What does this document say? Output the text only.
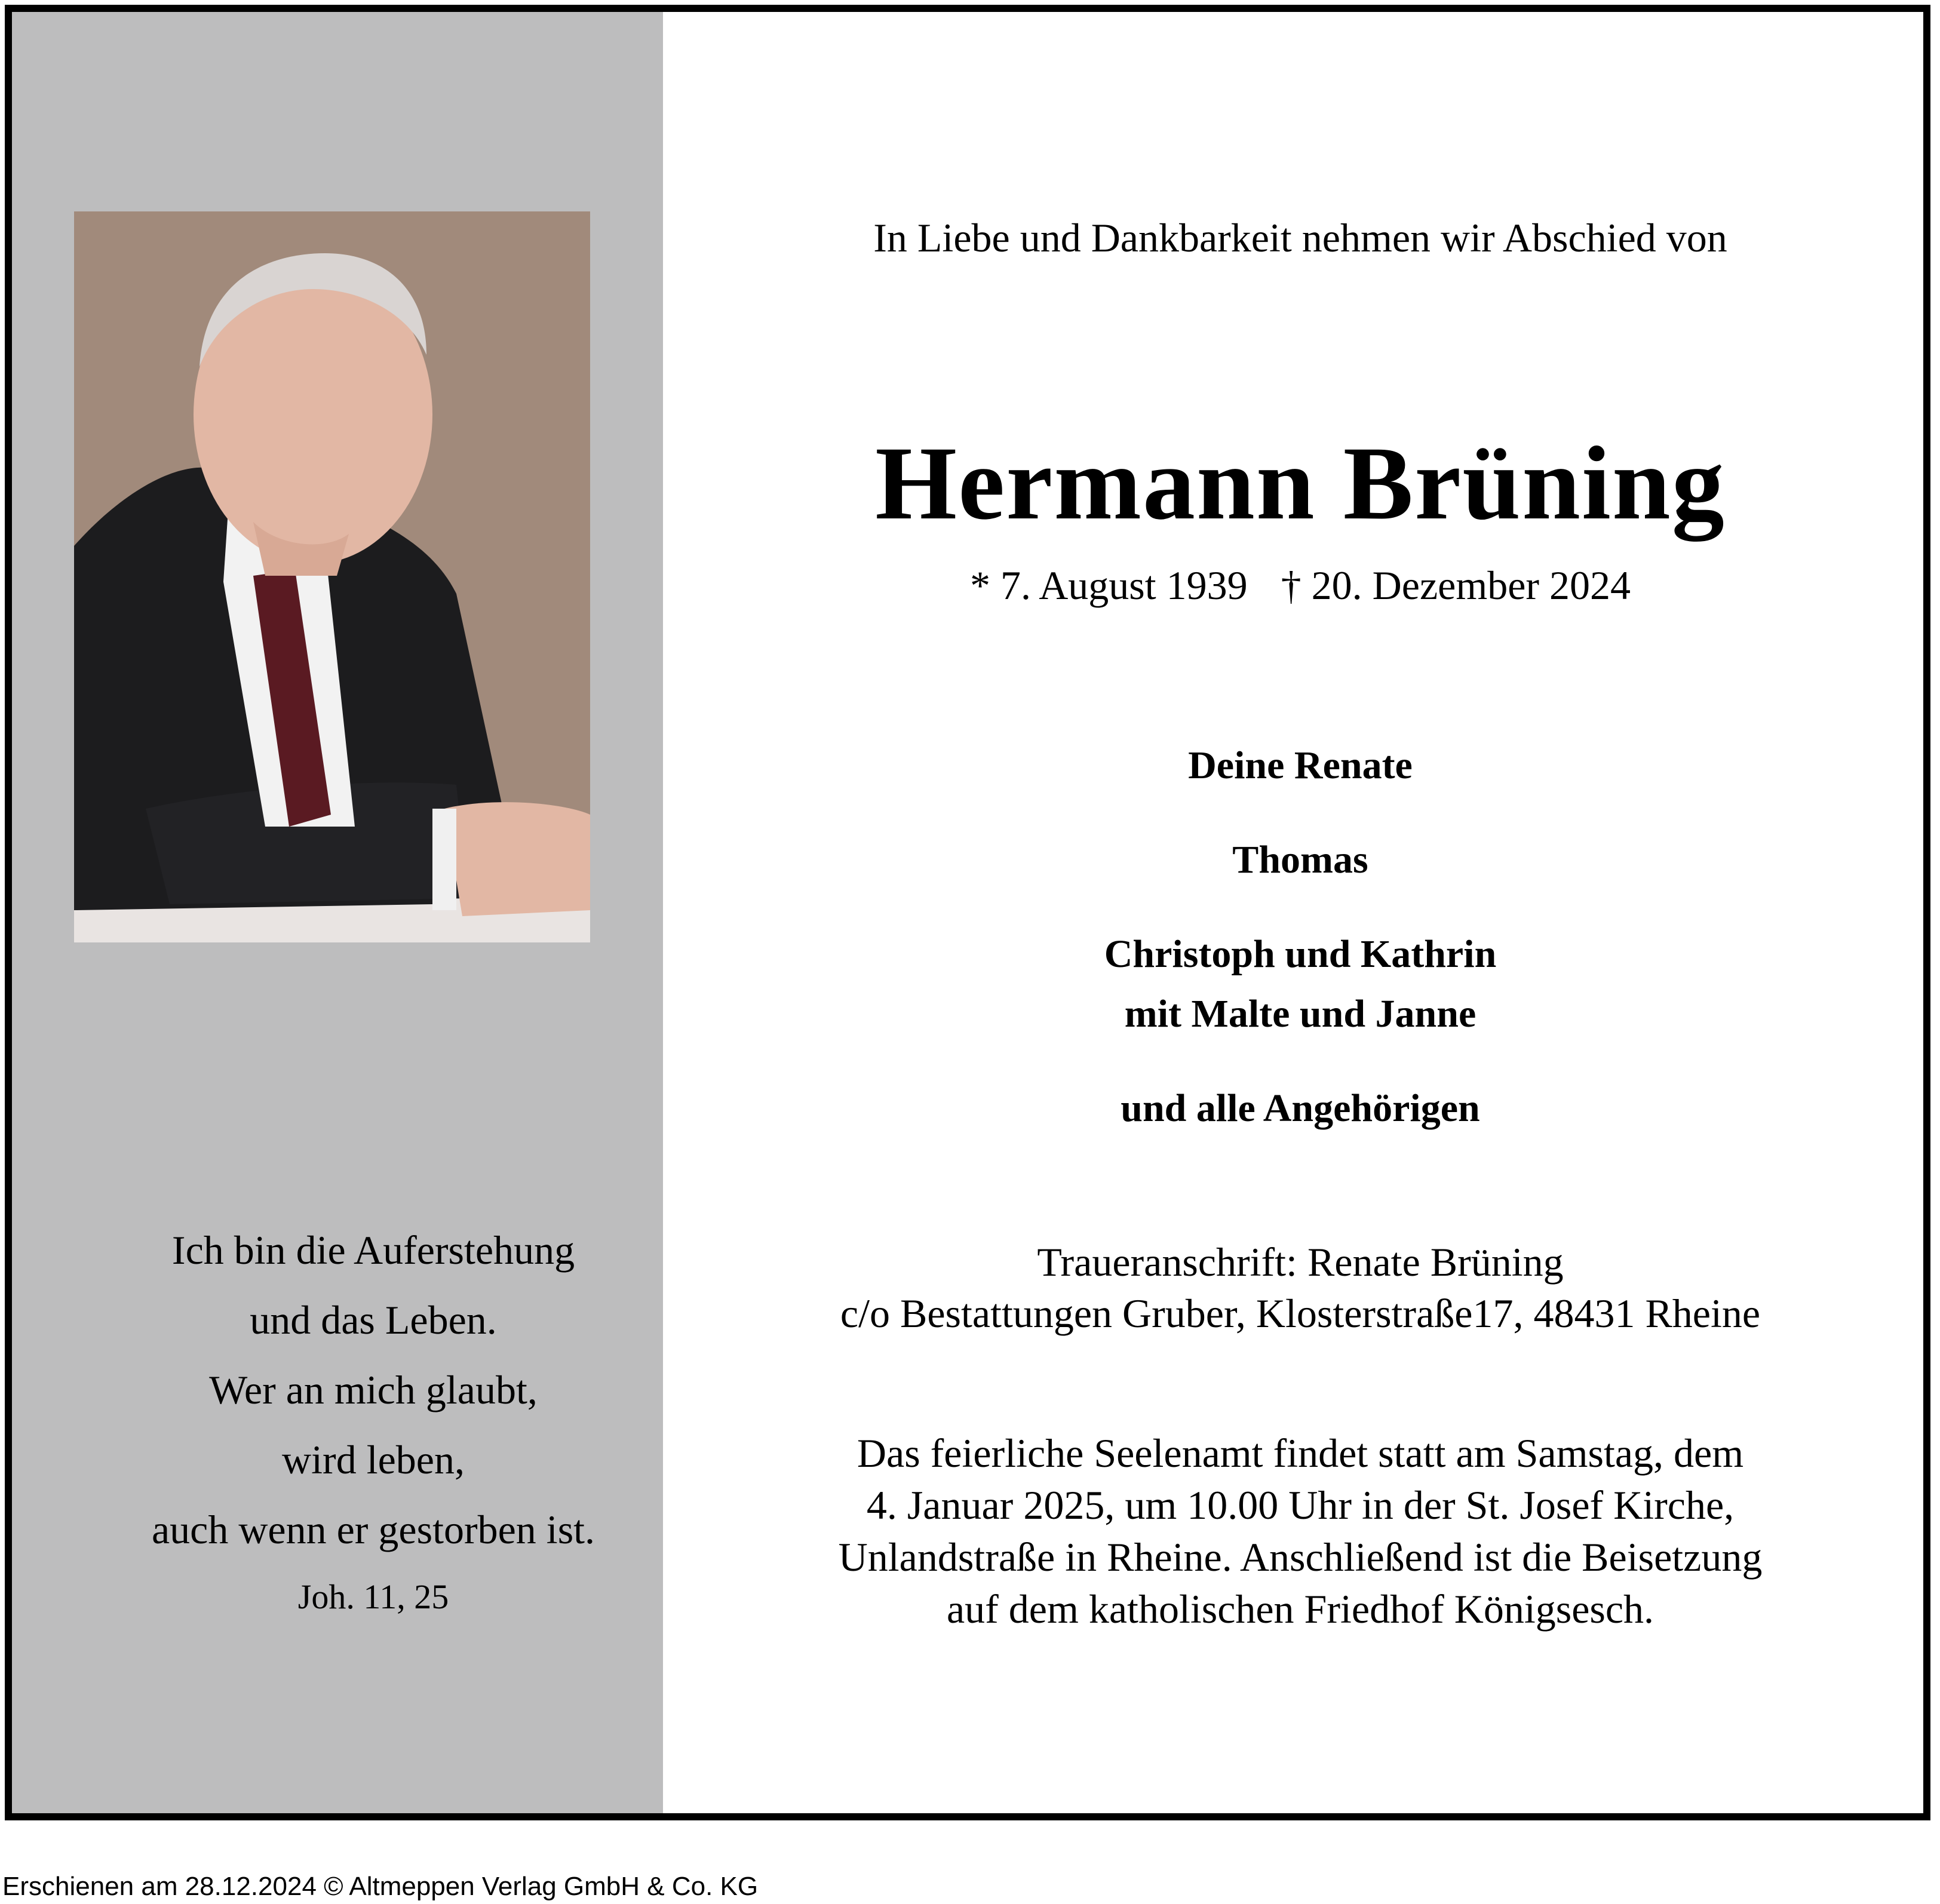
Ich bin die Auferstehung
und das Leben.
Wer an mich glaubt,
wird leben,
auch wenn er gestorben ist.
Joh. 11, 25
In Liebe und Dankbarkeit nehmen wir Abschied von
Hermann Brüning
* 7. August 1939 † 20. Dezember 2024
Deine Renate
Thomas
Christoph und Kathrin
mit Malte und Janne
und alle Angehörigen
Traueranschrift: Renate Brüning
c/o Bestattungen Gruber, Klosterstraße17, 48431 Rheine
Das feierliche Seelenamt findet statt am Samstag, dem
4. Januar 2025, um 10.00 Uhr in der St. Josef Kirche,
Unlandstraße in Rheine. Anschließend ist die Beisetzung
auf dem katholischen Friedhof Königsesch.
Erschienen am 28.12.2024 © Altmeppen Verlag GmbH & Co. KG
